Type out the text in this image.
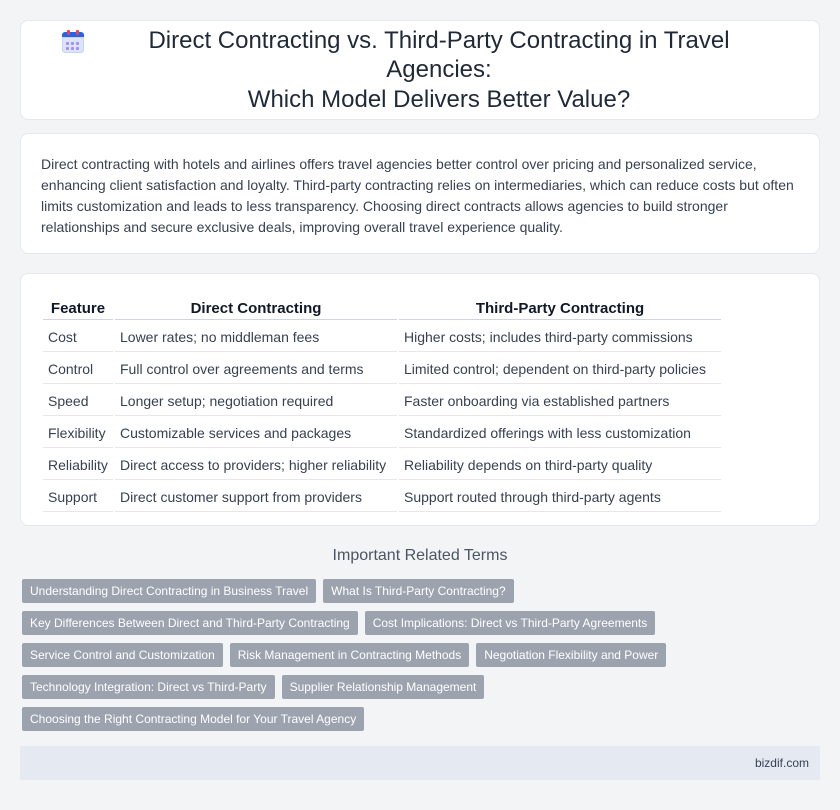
Direct Contracting vs. Third-Party Contracting in Travel Agencies:
Which Model Delivers Better Value?

Direct contracting with hotels and airlines offers travel agencies better control over pricing and personalized service, enhancing client satisfaction and loyalty. Third-party contracting relies on intermediaries, which can reduce costs but often limits customization and leads to less transparency. Choosing direct contracts allows agencies to build stronger relationships and secure exclusive deals, improving overall travel experience quality.

Feature	Direct Contracting	Third-Party Contracting
Cost	Lower rates; no middleman fees	Higher costs; includes third-party commissions
Control	Full control over agreements and terms	Limited control; dependent on third-party policies
Speed	Longer setup; negotiation required	Faster onboarding via established partners
Flexibility	Customizable services and packages	Standardized offerings with less customization
Reliability	Direct access to providers; higher reliability	Reliability depends on third-party quality
Support	Direct customer support from providers	Support routed through third-party agents
Important Related Terms
Understanding Direct Contracting in Business Travel	What Is Third-Party Contracting?
Key Differences Between Direct and Third-Party Contracting	Cost Implications: Direct vs Third-Party Agreements
Service Control and Customization	Risk Management in Contracting Methods	Negotiation Flexibility and Power
Technology Integration: Direct vs Third-Party	Supplier Relationship Management
Choosing the Right Contracting Model for Your Travel Agency
bizdif.com
